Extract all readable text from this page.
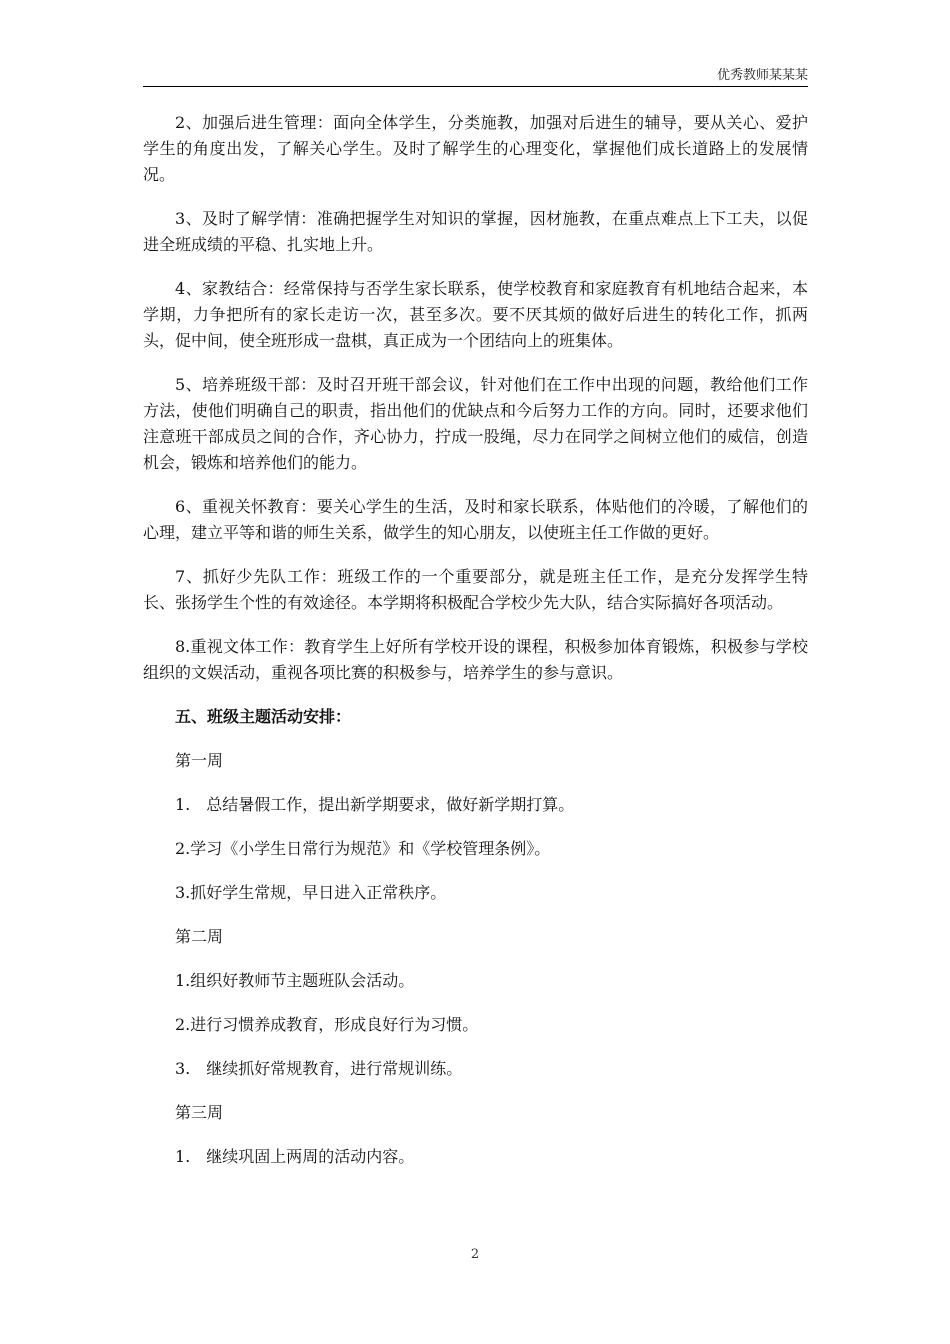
优秀教师某某某

2、加强后进生管理：面向全体学生，分类施教，加强对后进生的辅导，要从关心、爱护学生的角度出发，了解关心学生。及时了解学生的心理变化，掌握他们成长道路上的发展情况。

3、及时了解学情：准确把握学生对知识的掌握，因材施教，在重点难点上下工夫，以促进全班成绩的平稳、扎实地上升。

4、家教结合：经常保持与否学生家长联系，使学校教育和家庭教育有机地结合起来，本学期，力争把所有的家长走访一次，甚至多次。要不厌其烦的做好后进生的转化工作，抓两头，促中间，使全班形成一盘棋，真正成为一个团结向上的班集体。

5、培养班级干部：及时召开班干部会议，针对他们在工作中出现的问题，教给他们工作方法，使他们明确自己的职责，指出他们的优缺点和今后努力工作的方向。同时，还要求他们注意班干部成员之间的合作，齐心协力，拧成一股绳，尽力在同学之间树立他们的威信，创造机会，锻炼和培养他们的能力。

6、重视关怀教育：要关心学生的生活，及时和家长联系，体贴他们的冷暖，了解他们的心理，建立平等和谐的师生关系，做学生的知心朋友，以使班主任工作做的更好。

7、抓好少先队工作：班级工作的一个重要部分，就是班主任工作，是充分发挥学生特长、张扬学生个性的有效途径。本学期将积极配合学校少先大队，结合实际搞好各项活动。

8.重视文体工作：教育学生上好所有学校开设的课程，积极参加体育锻炼，积极参与学校组织的文娱活动，重视各项比赛的积极参与，培养学生的参与意识。

五、班级主题活动安排：

第一周

1.　总结暑假工作，提出新学期要求，做好新学期打算。

2.学习《小学生日常行为规范》和《学校管理条例》。

3.抓好学生常规，早日进入正常秩序。

第二周

1.组织好教师节主题班队会活动。

2.进行习惯养成教育，形成良好行为习惯。

3.　继续抓好常规教育，进行常规训练。

第三周

1.　继续巩固上两周的活动内容。

2
